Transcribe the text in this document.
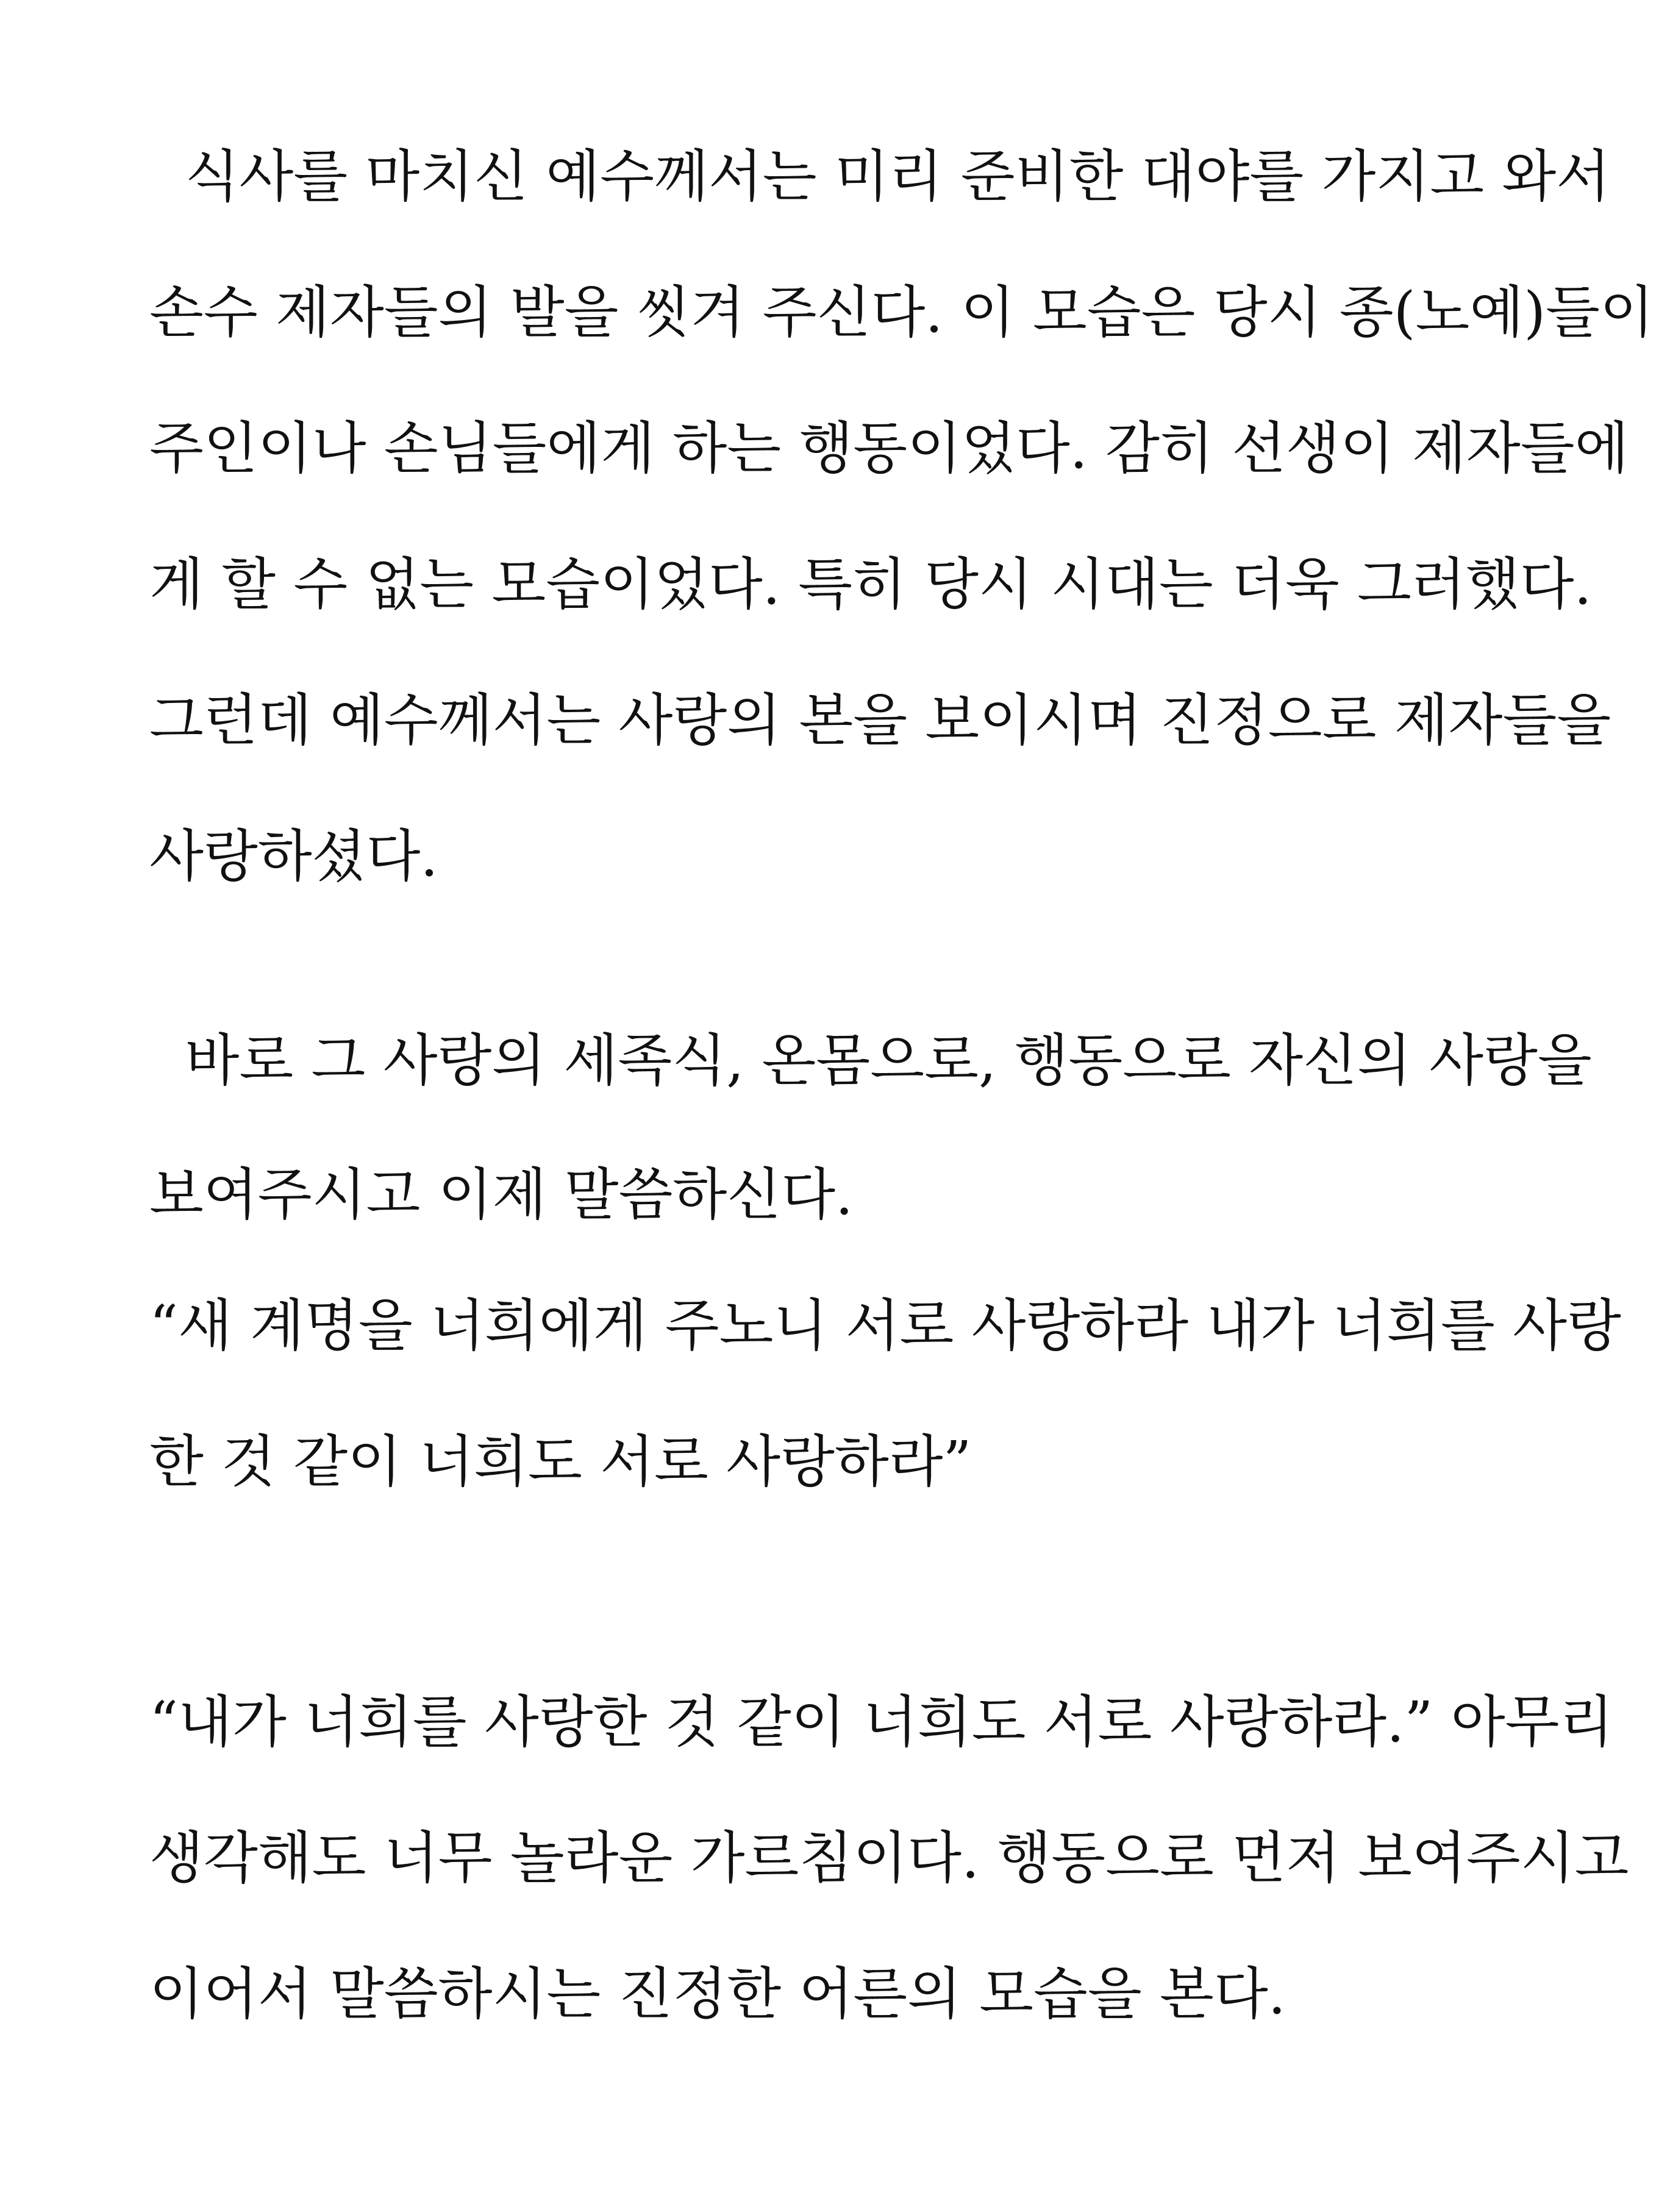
식사를 마치신 예수께서는 미리 준비한 대야를 가지고 와서
손수 제자들의 발을 씻겨 주신다. 이 모습은 당시 종(노예)들이
주인이나 손님들에게 하는 행동이었다. 감히 선생이 제자들에
게 할 수 없는 모습이었다. 특히 당시 시대는 더욱 그러했다.
그런데 예수께서는 사랑의 본을 보이시며 진정으로 제자들을
사랑하셨다.
바로 그 사랑의 세족식, 온몸으로, 행동으로 자신의 사랑을
보여주시고 이제 말씀하신다.
“새 계명을 너희에게 주노니 서로 사랑하라 내가 너희를 사랑
한 것 같이 너희도 서로 사랑하라”
“내가 너희를 사랑한 것 같이 너희도 서로 사랑하라.” 아무리
생각해도 너무 놀라운 가르침이다. 행동으로 먼저 보여주시고
이어서 말씀하시는 진정한 어른의 모습을 본다.
